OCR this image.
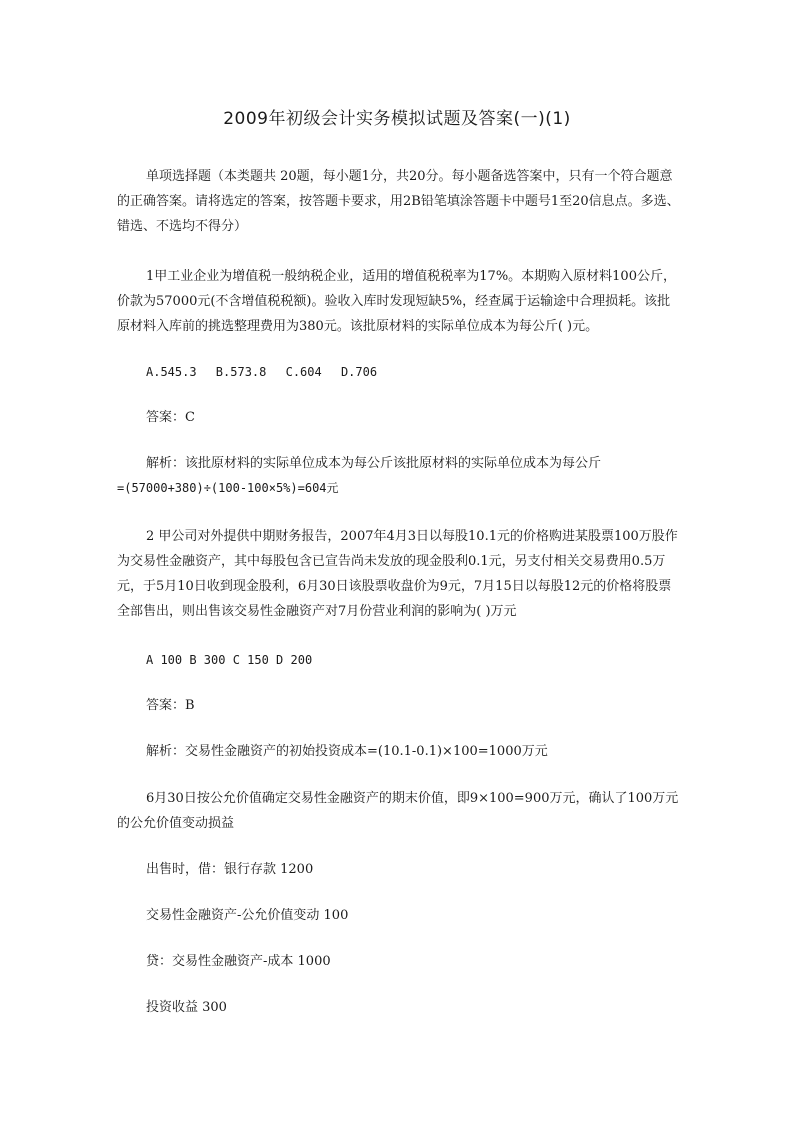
2009年初级会计实务模拟试题及答案(一)(1)

单项选择题（本类题共 20题，每小题1分，共20分。每小题备选答案中，只有一个符合题意的正确答案。请将选定的答案，按答题卡要求，用2B铅笔填涂答题卡中题号1至20信息点。多选、错选、不选均不得分）

1甲工业企业为增值税一般纳税企业，适用的增值税税率为17%。本期购入原材料100公斤，价款为57000元(不含增值税税额)。验收入库时发现短缺5%，经查属于运输途中合理损耗。该批原材料入库前的挑选整理费用为380元。该批原材料的实际单位成本为每公斤( )元。

A.545.3　 B.573.8　 C.604　 D.706
答案：C
解析：该批原材料的实际单位成本为每公斤该批原材料的实际单位成本为每公斤
=(57000+380)÷(100-100×5%)=604元

2 甲公司对外提供中期财务报告，2007年4月3日以每股10.1元的价格购进某股票100万股作为交易性金融资产，其中每股包含已宣告尚未发放的现金股利0.1元，另支付相关交易费用0.5万元，于5月10日收到现金股利，6月30日该股票收盘价为9元，7月15日以每股12元的价格将股票全部售出，则出售该交易性金融资产对7月份营业利润的影响为( )万元

A 100 B 300 C 150 D 200
答案：B
解析：交易性金融资产的初始投资成本=(10.1-0.1)×100=1000万元

6月30日按公允价值确定交易性金融资产的期末价值，即9×100=900万元，确认了100万元的公允价值变动损益

出售时，借：银行存款 1200
交易性金融资产-公允价值变动 100
贷：交易性金融资产-成本 1000
投资收益 300
